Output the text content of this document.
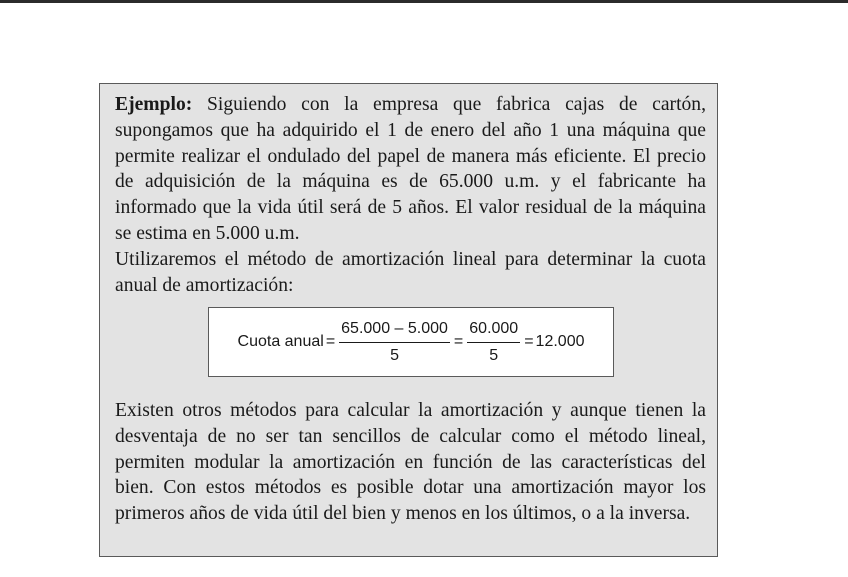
Ejemplo: Siguiendo con la empresa que fabrica cajas de cartón, supongamos que ha adquirido el 1 de enero del año 1 una máquina que permite realizar el ondulado del papel de manera más eficiente. El precio de adquisición de la máquina es de 65.000 u.m. y el fabricante ha informado que la vida útil será de 5 años. El valor residual de la máquina se estima en 5.000 u.m.

Utilizaremos el método de amortización lineal para determinar la cuota anual de amortización:

Cuota anual = $\frac{65.000 - 5.000}{5} = \frac{60.000}{5} = 12.000$

Existen otros métodos para calcular la amortización y aunque tienen la desventaja de no ser tan sencillos de calcular como el método lineal, permiten modular la amortización en función de las características del bien. Con estos métodos es posible dotar una amortización mayor los primeros años de vida útil del bien y menos en los últimos, o a la inversa.
